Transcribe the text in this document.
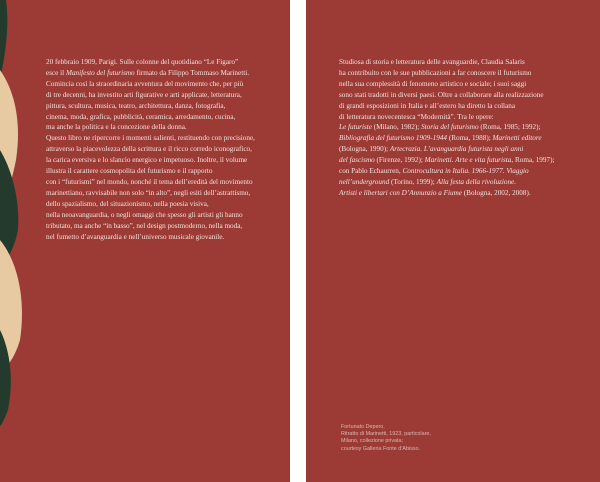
20 febbraio 1909, Parigi. Sulle colonne del quotidiano “Le Figaro”
esce il Manifesto del futurismo firmato da Filippo Tommaso Marinetti.
Comincia così la straordinaria avventura del movimento che, per più
di tre decenni, ha investito arti figurative e arti applicate, letteratura,
pittura, scultura, musica, teatro, architettura, danza, fotografia,
cinema, moda, grafica, pubblicità, ceramica, arredamento, cucina,
ma anche la politica e la concezione della donna.
Questo libro ne ripercorre i momenti salienti, restituendo con precisione,
attraverso la piacevolezza della scrittura e il ricco corredo iconografico,
la carica eversiva e lo slancio energico e impetuoso. Inoltre, il volume
illustra il carattere cosmopolita del futurismo e il rapporto
con i “futurismi” nel mondo, nonché il tema dell’eredità del movimento
marinettiano, ravvisabile non solo “in alto”, negli esiti dell’astrattismo,
dello spazialismo, del situazionismo, nella poesia visiva,
nella neoavanguardia, o negli omaggi che spesso gli artisti gli hanno
tributato, ma anche “in basso”, nel design postmoderno, nella moda,
nel fumetto d’avanguardia e nell’universo musicale giovanile.
Studiosa di storia e letteratura delle avanguardie, Claudia Salaris
ha contribuito con le sue pubblicazioni a far conoscere il futurismo
nella sua complessità di fenomeno artistico e sociale; i suoi saggi
sono stati tradotti in diversi paesi. Oltre a collaborare alla realizzazione
di grandi esposizioni in Italia e all’estero ha diretto la collana
di letteratura novecentesca “Modernità”. Tra le opere:
Le futuriste (Milano, 1982); Storia del futurismo (Roma, 1985; 1992);
Bibliografia del futurismo 1909-1944 (Roma, 1988); Marinetti editore
(Bologna, 1990); Artecrazia. L’avanguardia futurista negli anni
del fascismo (Firenze, 1992); Marinetti. Arte e vita futurista, Roma, 1997);
con Pablo Echaurren, Controcultura in Italia. 1966-1977. Viaggio
nell’underground (Torino, 1999); Alla festa della rivoluzione.
Artisti e libertari con D’Annunzio a Fiume (Bologna, 2002, 2008).
Fortunato Depero,
Ritratto di Marinetti, 1923, particolare,
Milano, collezione privata;
courtesy Galleria Fonte d’Abisso.
